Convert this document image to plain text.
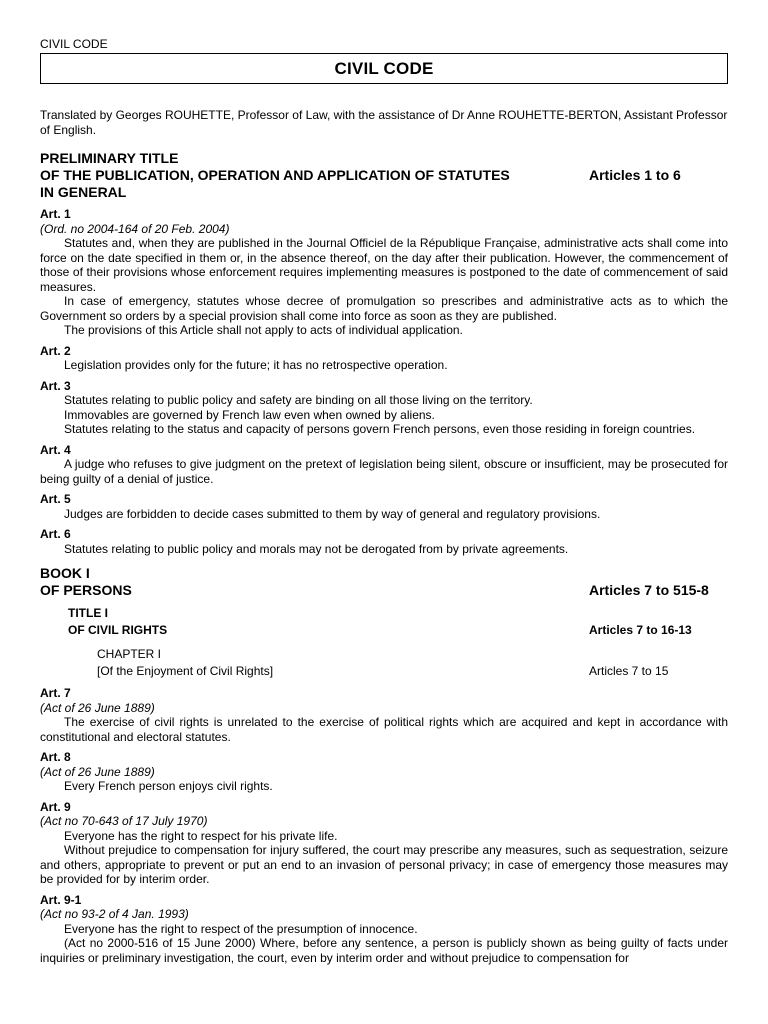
CIVIL CODE
CIVIL CODE
Translated by Georges ROUHETTE, Professor of Law, with the assistance of Dr Anne ROUHETTE-BERTON, Assistant Professor of English.
PRELIMINARY TITLE
OF THE PUBLICATION, OPERATION AND APPLICATION OF STATUTES	Articles 1 to 6
IN GENERAL
Art. 1
(Ord. no 2004-164 of 20 Feb. 2004)
Statutes and, when they are published in the Journal Officiel de la République Française, administrative acts shall come into force on the date specified in them or, in the absence thereof, on the day after their publication. However, the commencement of those of their provisions whose enforcement requires implementing measures is postponed to the date of commencement of said measures.
In case of emergency, statutes whose decree of promulgation so prescribes and administrative acts as to which the Government so orders by a special provision shall come into force as soon as they are published.
The provisions of this Article shall not apply to acts of individual application.
Art. 2
Legislation provides only for the future; it has no retrospective operation.
Art. 3
Statutes relating to public policy and safety are binding on all those living on the territory.
Immovables are governed by French law even when owned by aliens.
Statutes relating to the status and capacity of persons govern French persons, even those residing in foreign countries.
Art. 4
A judge who refuses to give judgment on the pretext of legislation being silent, obscure or insufficient, may be prosecuted for being guilty of a denial of justice.
Art. 5
Judges are forbidden to decide cases submitted to them by way of general and regulatory provisions.
Art. 6
Statutes relating to public policy and morals may not be derogated from by private agreements.
BOOK I
OF PERSONS	Articles 7 to 515-8
TITLE I
OF CIVIL RIGHTS	Articles 7 to 16-13
CHAPTER I
[Of the Enjoyment of Civil Rights]	Articles 7 to 15
Art. 7
(Act of 26 June 1889)
The exercise of civil rights is unrelated to the exercise of political rights which are acquired and kept in accordance with constitutional and electoral statutes.
Art. 8
(Act of 26 June 1889)
Every French person enjoys civil rights.
Art. 9
(Act no 70-643 of 17 July 1970)
Everyone has the right to respect for his private life.
Without prejudice to compensation for injury suffered, the court may prescribe any measures, such as sequestration, seizure and others, appropriate to prevent or put an end to an invasion of personal privacy; in case of emergency those measures may be provided for by interim order.
Art. 9-1
(Act no 93-2 of 4 Jan. 1993)
Everyone has the right to respect of the presumption of innocence.
(Act no 2000-516 of 15 June 2000) Where, before any sentence, a person is publicly shown as being guilty of facts under inquiries or preliminary investigation, the court, even by interim order and without prejudice to compensation for
